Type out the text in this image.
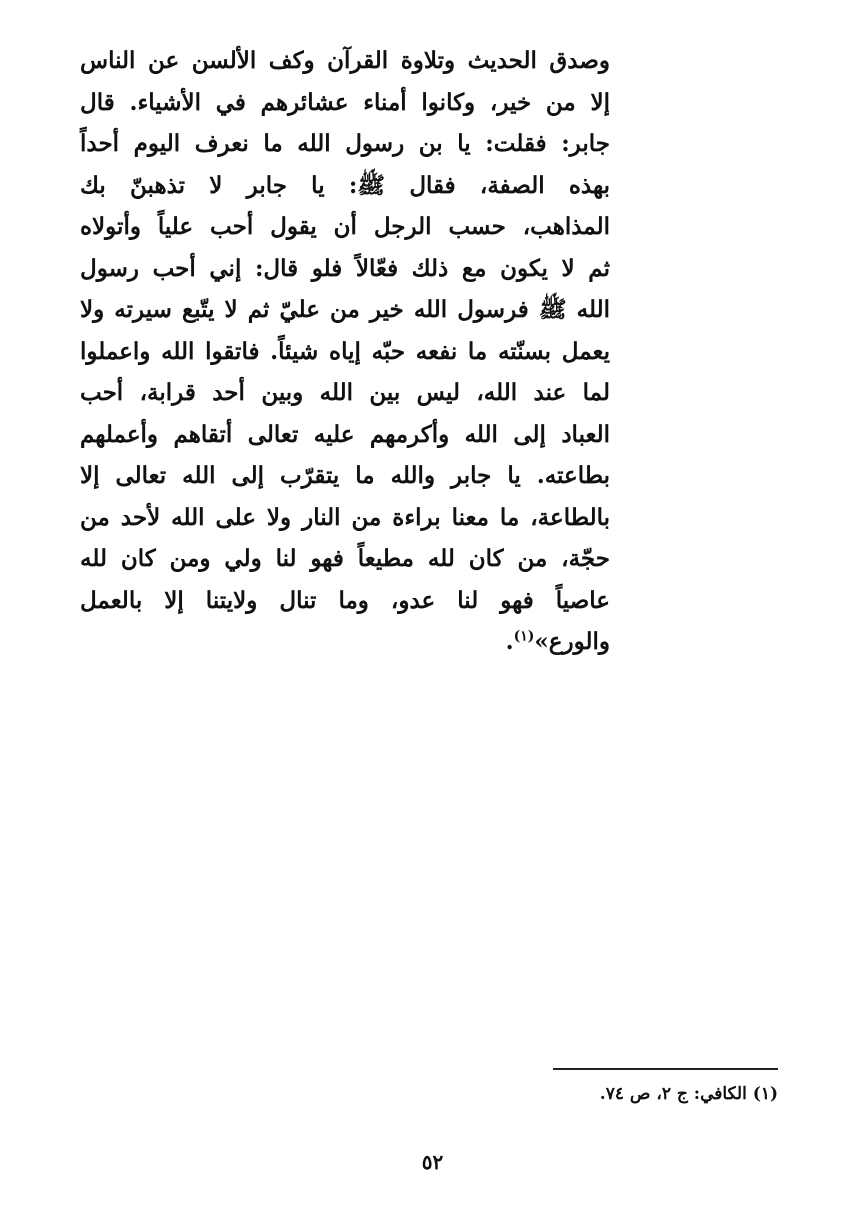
وصدق الحديث وتلاوة القرآن وكف الألسن عن الناس
إلا من خير، وكانوا أمناء عشائرهم في الأشياء. قال
جابر: فقلت: يا بن رسول الله ما نعرف اليوم أحداً
بهذه الصفة، فقال ﷺ: يا جابر لا تذهبنّ بك
المذاهب، حسب الرجل أن يقول أحب علياً وأتولاه
ثم لا يكون مع ذلك فعّالاً فلو قال: إني أحب رسول
الله ﷺ فرسول الله خير من عليّ ثم لا يتّبع سيرته ولا
يعمل بسنّته ما نفعه حبّه إياه شيئاً. فاتقوا الله واعملوا
لما عند الله، ليس بين الله وبين أحد قرابة، أحب
العباد إلى الله وأكرمهم عليه تعالى أتقاهم وأعملهم
بطاعته. يا جابر والله ما يتقرّب إلى الله تعالى إلا
بالطاعة، ما معنا براءة من النار ولا على الله لأحد من
حجّة، من كان لله مطيعاً فهو لنا ولي ومن كان لله
عاصياً فهو لنا عدو، وما تنال ولايتنا إلا بالعمل
والورع»$^{(١)}$.
(١) الكافي: ج ٢، ص ٧٤.
٥٢
